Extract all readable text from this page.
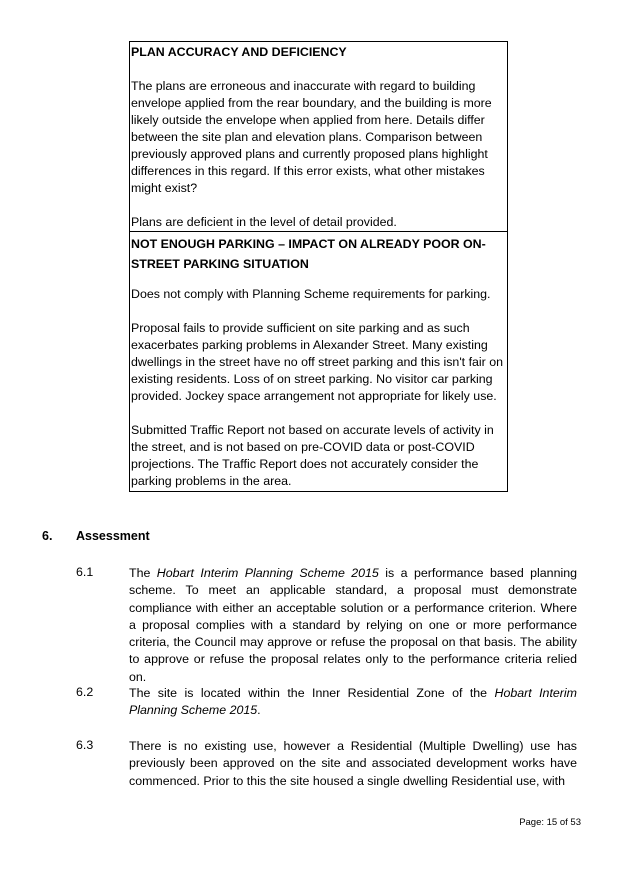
PLAN ACCURACY AND DEFICIENCY

The plans are erroneous and inaccurate with regard to building envelope applied from the rear boundary, and the building is more likely outside the envelope when applied from here. Details differ between the site plan and elevation plans. Comparison between previously approved plans and currently proposed plans highlight differences in this regard. If this error exists, what other mistakes might exist?

Plans are deficient in the level of detail provided.

NOT ENOUGH PARKING – IMPACT ON ALREADY POOR ON-STREET PARKING SITUATION

Does not comply with Planning Scheme requirements for parking.

Proposal fails to provide sufficient on site parking and as such exacerbates parking problems in Alexander Street. Many existing dwellings in the street have no off street parking and this isn't fair on existing residents. Loss of on street parking. No visitor car parking provided. Jockey space arrangement not appropriate for likely use.

Submitted Traffic Report not based on accurate levels of activity in the street, and is not based on pre-COVID data or post-COVID projections. The Traffic Report does not accurately consider the parking problems in the area.

6. Assessment
6.1	The Hobart Interim Planning Scheme 2015 is a performance based planning scheme. To meet an applicable standard, a proposal must demonstrate compliance with either an acceptable solution or a performance criterion. Where a proposal complies with a standard by relying on one or more performance criteria, the Council may approve or refuse the proposal on that basis. The ability to approve or refuse the proposal relates only to the performance criteria relied on.
6.2	The site is located within the Inner Residential Zone of the Hobart Interim Planning Scheme 2015.
6.3	There is no existing use, however a Residential (Multiple Dwelling) use has previously been approved on the site and associated development works have commenced. Prior to this the site housed a single dwelling Residential use, with
Page: 15 of 53
